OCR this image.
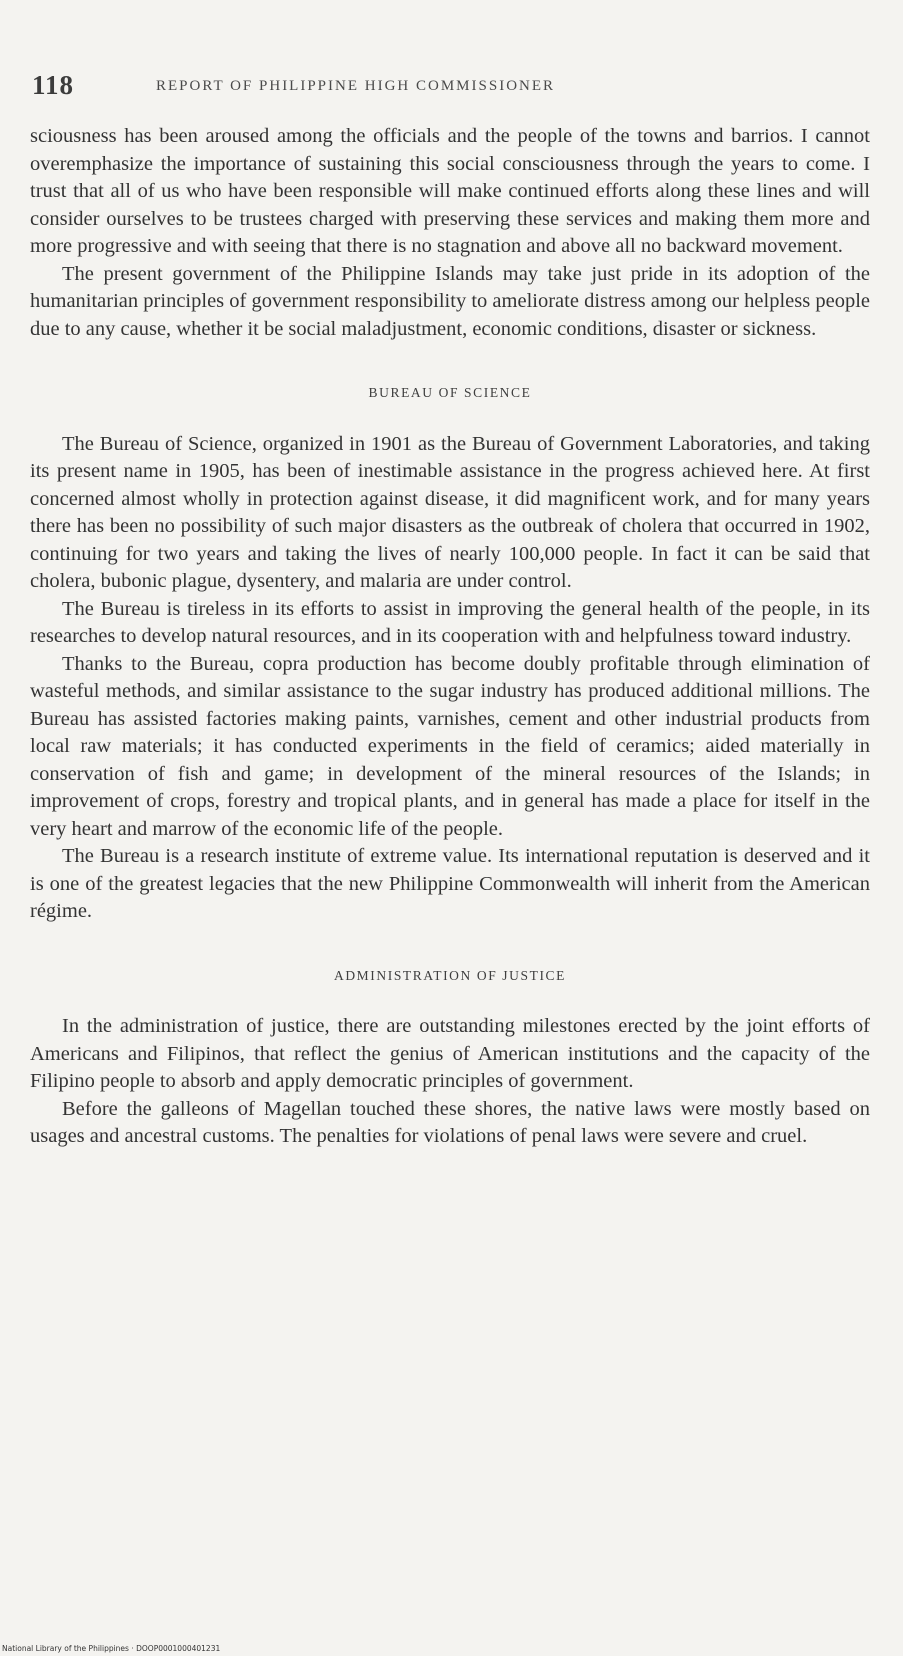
118	REPORT OF PHILIPPINE HIGH COMMISSIONER

sciousness has been aroused among the officials and the people of the towns and barrios. I cannot overemphasize the importance of sustaining this social consciousness through the years to come. I trust that all of us who have been responsible will make continued efforts along these lines and will consider ourselves to be trustees charged with preserving these services and making them more and more progressive and with seeing that there is no stagnation and above all no backward movement.

The present government of the Philippine Islands may take just pride in its adoption of the humanitarian principles of government responsibility to ameliorate distress among our helpless people due to any cause, whether it be social maladjustment, economic conditions, disaster or sickness.

BUREAU OF SCIENCE

The Bureau of Science, organized in 1901 as the Bureau of Government Laboratories, and taking its present name in 1905, has been of inestimable assistance in the progress achieved here. At first concerned almost wholly in protection against disease, it did magnificent work, and for many years there has been no possibility of such major disasters as the outbreak of cholera that occurred in 1902, continuing for two years and taking the lives of nearly 100,000 people. In fact it can be said that cholera, bubonic plague, dysentery, and malaria are under control.

The Bureau is tireless in its efforts to assist in improving the general health of the people, in its researches to develop natural resources, and in its cooperation with and helpfulness toward industry.

Thanks to the Bureau, copra production has become doubly profitable through elimination of wasteful methods, and similar assistance to the sugar industry has produced additional millions. The Bureau has assisted factories making paints, varnishes, cement and other industrial products from local raw materials; it has conducted experiments in the field of ceramics; aided materially in conservation of fish and game; in development of the mineral resources of the Islands; in improvement of crops, forestry and tropical plants, and in general has made a place for itself in the very heart and marrow of the economic life of the people.

The Bureau is a research institute of extreme value. Its international reputation is deserved and it is one of the greatest legacies that the new Philippine Commonwealth will inherit from the American régime.

ADMINISTRATION OF JUSTICE

In the administration of justice, there are outstanding milestones erected by the joint efforts of Americans and Filipinos, that reflect the genius of American institutions and the capacity of the Filipino people to absorb and apply democratic principles of government.

Before the galleons of Magellan touched these shores, the native laws were mostly based on usages and ancestral customs. The penalties for violations of penal laws were severe and cruel.

National Library of the Philippines · DOOP0001000401231
